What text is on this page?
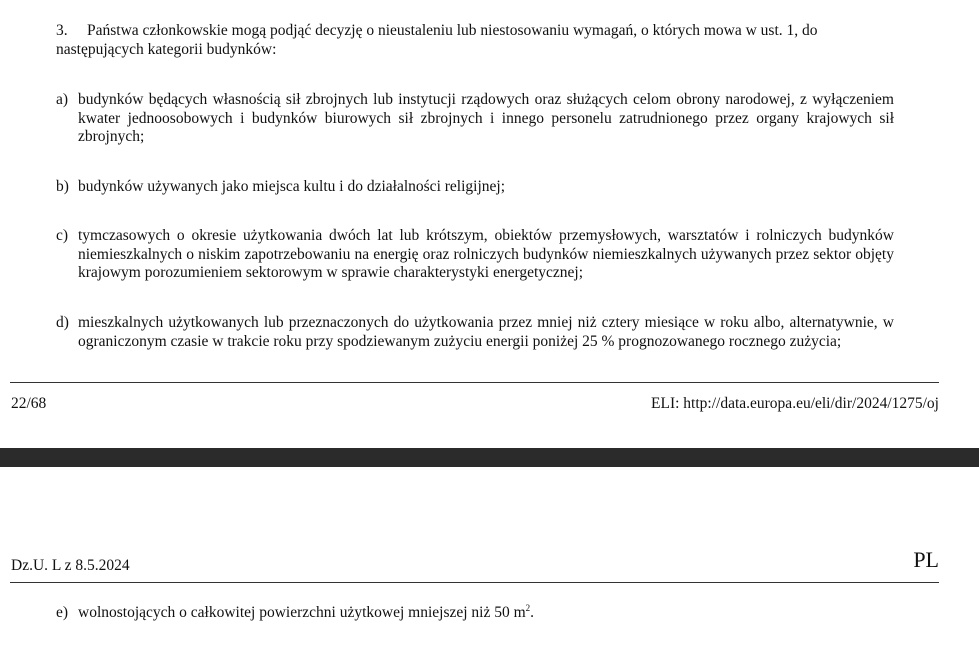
3. Państwa członkowskie mogą podjąć decyzję o nieustaleniu lub niestosowaniu wymagań, o których mowa w ust. 1, do następujących kategorii budynków:
a) budynków będących własnością sił zbrojnych lub instytucji rządowych oraz służących celom obrony narodowej, z wyłączeniem kwater jednoosobowych i budynków biurowych sił zbrojnych i innego personelu zatrudnionego przez organy krajowych sił zbrojnych;
b) budynków używanych jako miejsca kultu i do działalności religijnej;
c) tymczasowych o okresie użytkowania dwóch lat lub krótszym, obiektów przemysłowych, warsztatów i rolniczych budynków niemieszkalnych o niskim zapotrzebowaniu na energię oraz rolniczych budynków niemieszkalnych używanych przez sektor objęty krajowym porozumieniem sektorowym w sprawie charakterystyki energetycznej;
d) mieszkalnych użytkowanych lub przeznaczonych do użytkowania przez mniej niż cztery miesiące w roku albo, alternatywnie, w ograniczonym czasie w trakcie roku przy spodziewanym zużyciu energii poniżej 25 % prognozowanego rocznego zużycia;
22/68	ELI: http://data.europa.eu/eli/dir/2024/1275/oj
Dz.U. L z 8.5.2024	PL
e) wolnostojących o całkowitej powierzchni użytkowej mniejszej niż 50 $m^2$.
